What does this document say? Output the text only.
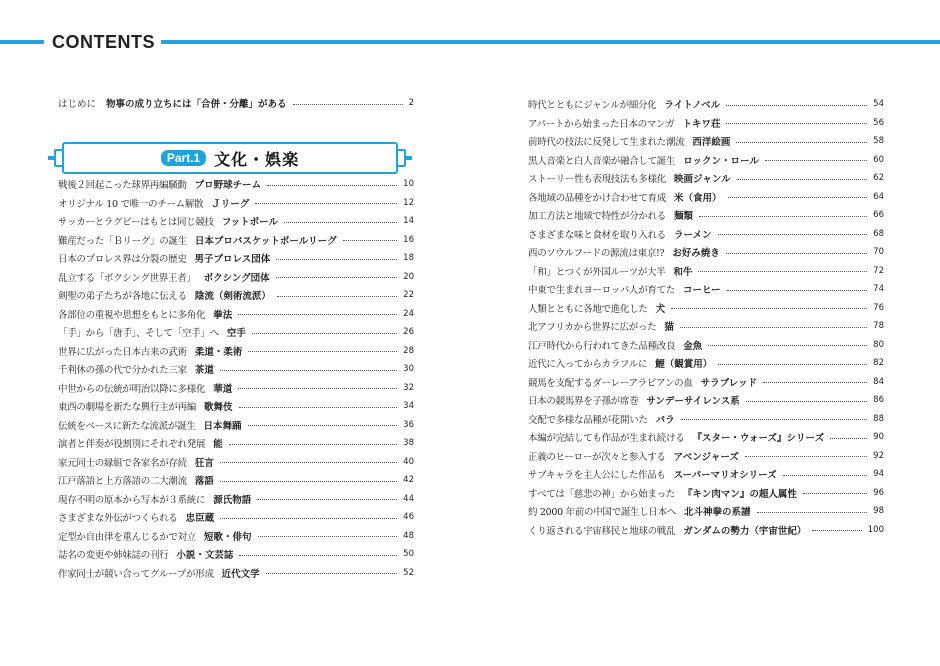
CONTENTS
はじめに 物事の成り立ちには「合併・分離」がある	2
Part.1 文化・娯楽
戦後２回起こった球界再編騒動 プロ野球チーム	10
オリジナル 10 で唯一のチーム解散 Ｊリーグ	12
サッカーとラグビーはもとは同じ競技 フットボール	14
難産だった「Ｂリーグ」の誕生 日本プロバスケットボールリーグ	16
日本のプロレス界は分裂の歴史 男子プロレス団体	18
乱立する「ボクシング世界王者」 ボクシング団体	20
剣聖の弟子たちが各地に伝える 陰流（剣術流派）	22
各部位の重視や思想をもとに多角化 拳法	24
「手」から「唐手」、そして「空手」へ 空手	26
世界に広がった日本古来の武術 柔道・柔術	28
千利休の孫の代で分かれた三家 茶道	30
中世からの伝統が明治以降に多様化 華道	32
東西の劇場を新たな興行主が再編 歌舞伎	34
伝統をベースに新たな流派が誕生 日本舞踊	36
演者と伴奏が役割別にそれぞれ発展 能	38
家元同士の縁組で各家名が存続 狂言	40
江戸落語と上方落語の二大潮流 落語	42
現存不明の原本から写本が３系統に 源氏物語	44
さまざまな外伝がつくられる 忠臣蔵	46
定型か自由律を重んじるかで対立 短歌・俳句	48
誌名の変更や姉妹誌の刊行 小説・文芸誌	50
作家同士が競い合ってグループが形成 近代文学	52
時代とともにジャンルが細分化 ライトノベル	54
アパートから始まった日本のマンガ トキワ荘	56
前時代の技法に反発して生まれた潮流 西洋絵画	58
黒人音楽と白人音楽が融合して誕生 ロックン・ロール	60
ストーリー性も表現技法も多様化 映画ジャンル	62
各地域の品種をかけ合わせて育成 米（食用）	64
加工方法と地域で特性が分かれる 麺類	66
さまざまな味と食材を取り入れる ラーメン	68
西のソウルフードの源流は東京!? お好み焼き	70
「和」とつくが外国ルーツが大半 和牛	72
中東で生まれヨーロッパ人が育てた コーヒー	74
人類とともに各地で進化した 犬	76
北アフリカから世界に広がった 猫	78
江戸時代から行われてきた品種改良 金魚	80
近代に入ってからカラフルに 鯉（観賞用）	82
競馬を支配するダーレーアラビアンの血 サラブレッド	84
日本の競馬界を子孫が席巻 サンデーサイレンス系	86
交配で多様な品種が花開いた バラ	88
本編が完結しても作品が生まれ続ける 『スター・ウォーズ』シリーズ	90
正義のヒーローが次々と参入する アベンジャーズ	92
サブキャラを主人公にした作品も スーパーマリオシリーズ	94
すべては「慈悲の神」から始まった 『キン肉マン』の超人属性	96
約 2000 年前の中国で誕生し日本へ 北斗神拳の系譜	98
くり返される宇宙移民と地球の戦乱 ガンダムの勢力（宇宙世紀）	100
